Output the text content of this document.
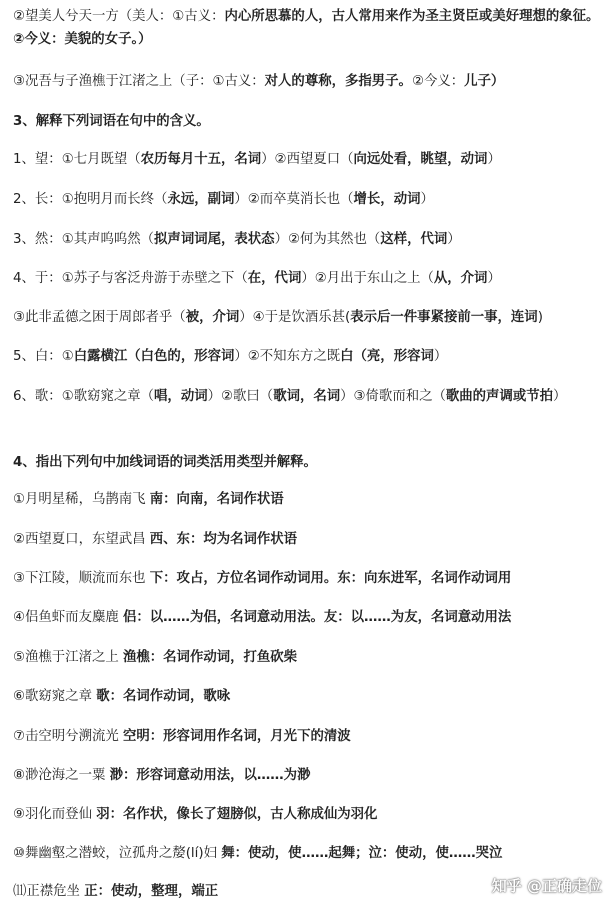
②望美人兮天一方（美人：①古义：内心所思慕的人，古人常用来作为圣主贤臣或美好理想的象征。②今义：美貌的女子。）
③况吾与子渔樵于江渚之上（子：①古义：对人的尊称，多指男子。②今义：儿子）
3、解释下列词语在句中的含义。
1、望：①七月既望（农历每月十五，名词）②西望夏口（向远处看，眺望，动词）
2、长：①抱明月而长终（永远，副词）②而卒莫消长也（增长，动词）
3、然：①其声呜呜然（拟声词词尾，表状态）②何为其然也（这样，代词）
4、于：①苏子与客泛舟游于赤壁之下（在，代词）②月出于东山之上（从，介词）
③此非孟德之困于周郎者乎（被，介词）④于是饮酒乐甚(表示后一件事紧接前一事，连词)
5、白：①白露横江（白色的，形容词）②不知东方之既白（亮，形容词）
6、歌：①歌窈窕之章（唱，动词）②歌曰（歌词，名词）③倚歌而和之（歌曲的声调或节拍）
4、指出下列句中加线词语的词类活用类型并解释。
①月明星稀，乌鹊南飞 南：向南，名词作状语
②西望夏口，东望武昌 西、东：均为名词作状语
③下江陵，顺流而东也 下：攻占，方位名词作动词用。东：向东进军，名词作动词用
④侣鱼虾而友麋鹿 侣：以……为侣，名词意动用法。友：以……为友，名词意动用法
⑤渔樵于江渚之上 渔樵：名词作动词，打鱼砍柴
⑥歌窈窕之章 歌：名词作动词，歌咏
⑦击空明兮溯流光 空明：形容词用作名词，月光下的清波
⑧渺沧海之一粟 渺：形容词意动用法，以……为渺
⑨羽化而登仙 羽：名作状，像长了翅膀似，古人称成仙为羽化
⑩舞幽壑之潜蛟，泣孤舟之嫠(lí)妇 舞：使动，使……起舞；泣：使动，使……哭泣
⑾正襟危坐 正：使动，整理，端正	知乎 @正确走位
